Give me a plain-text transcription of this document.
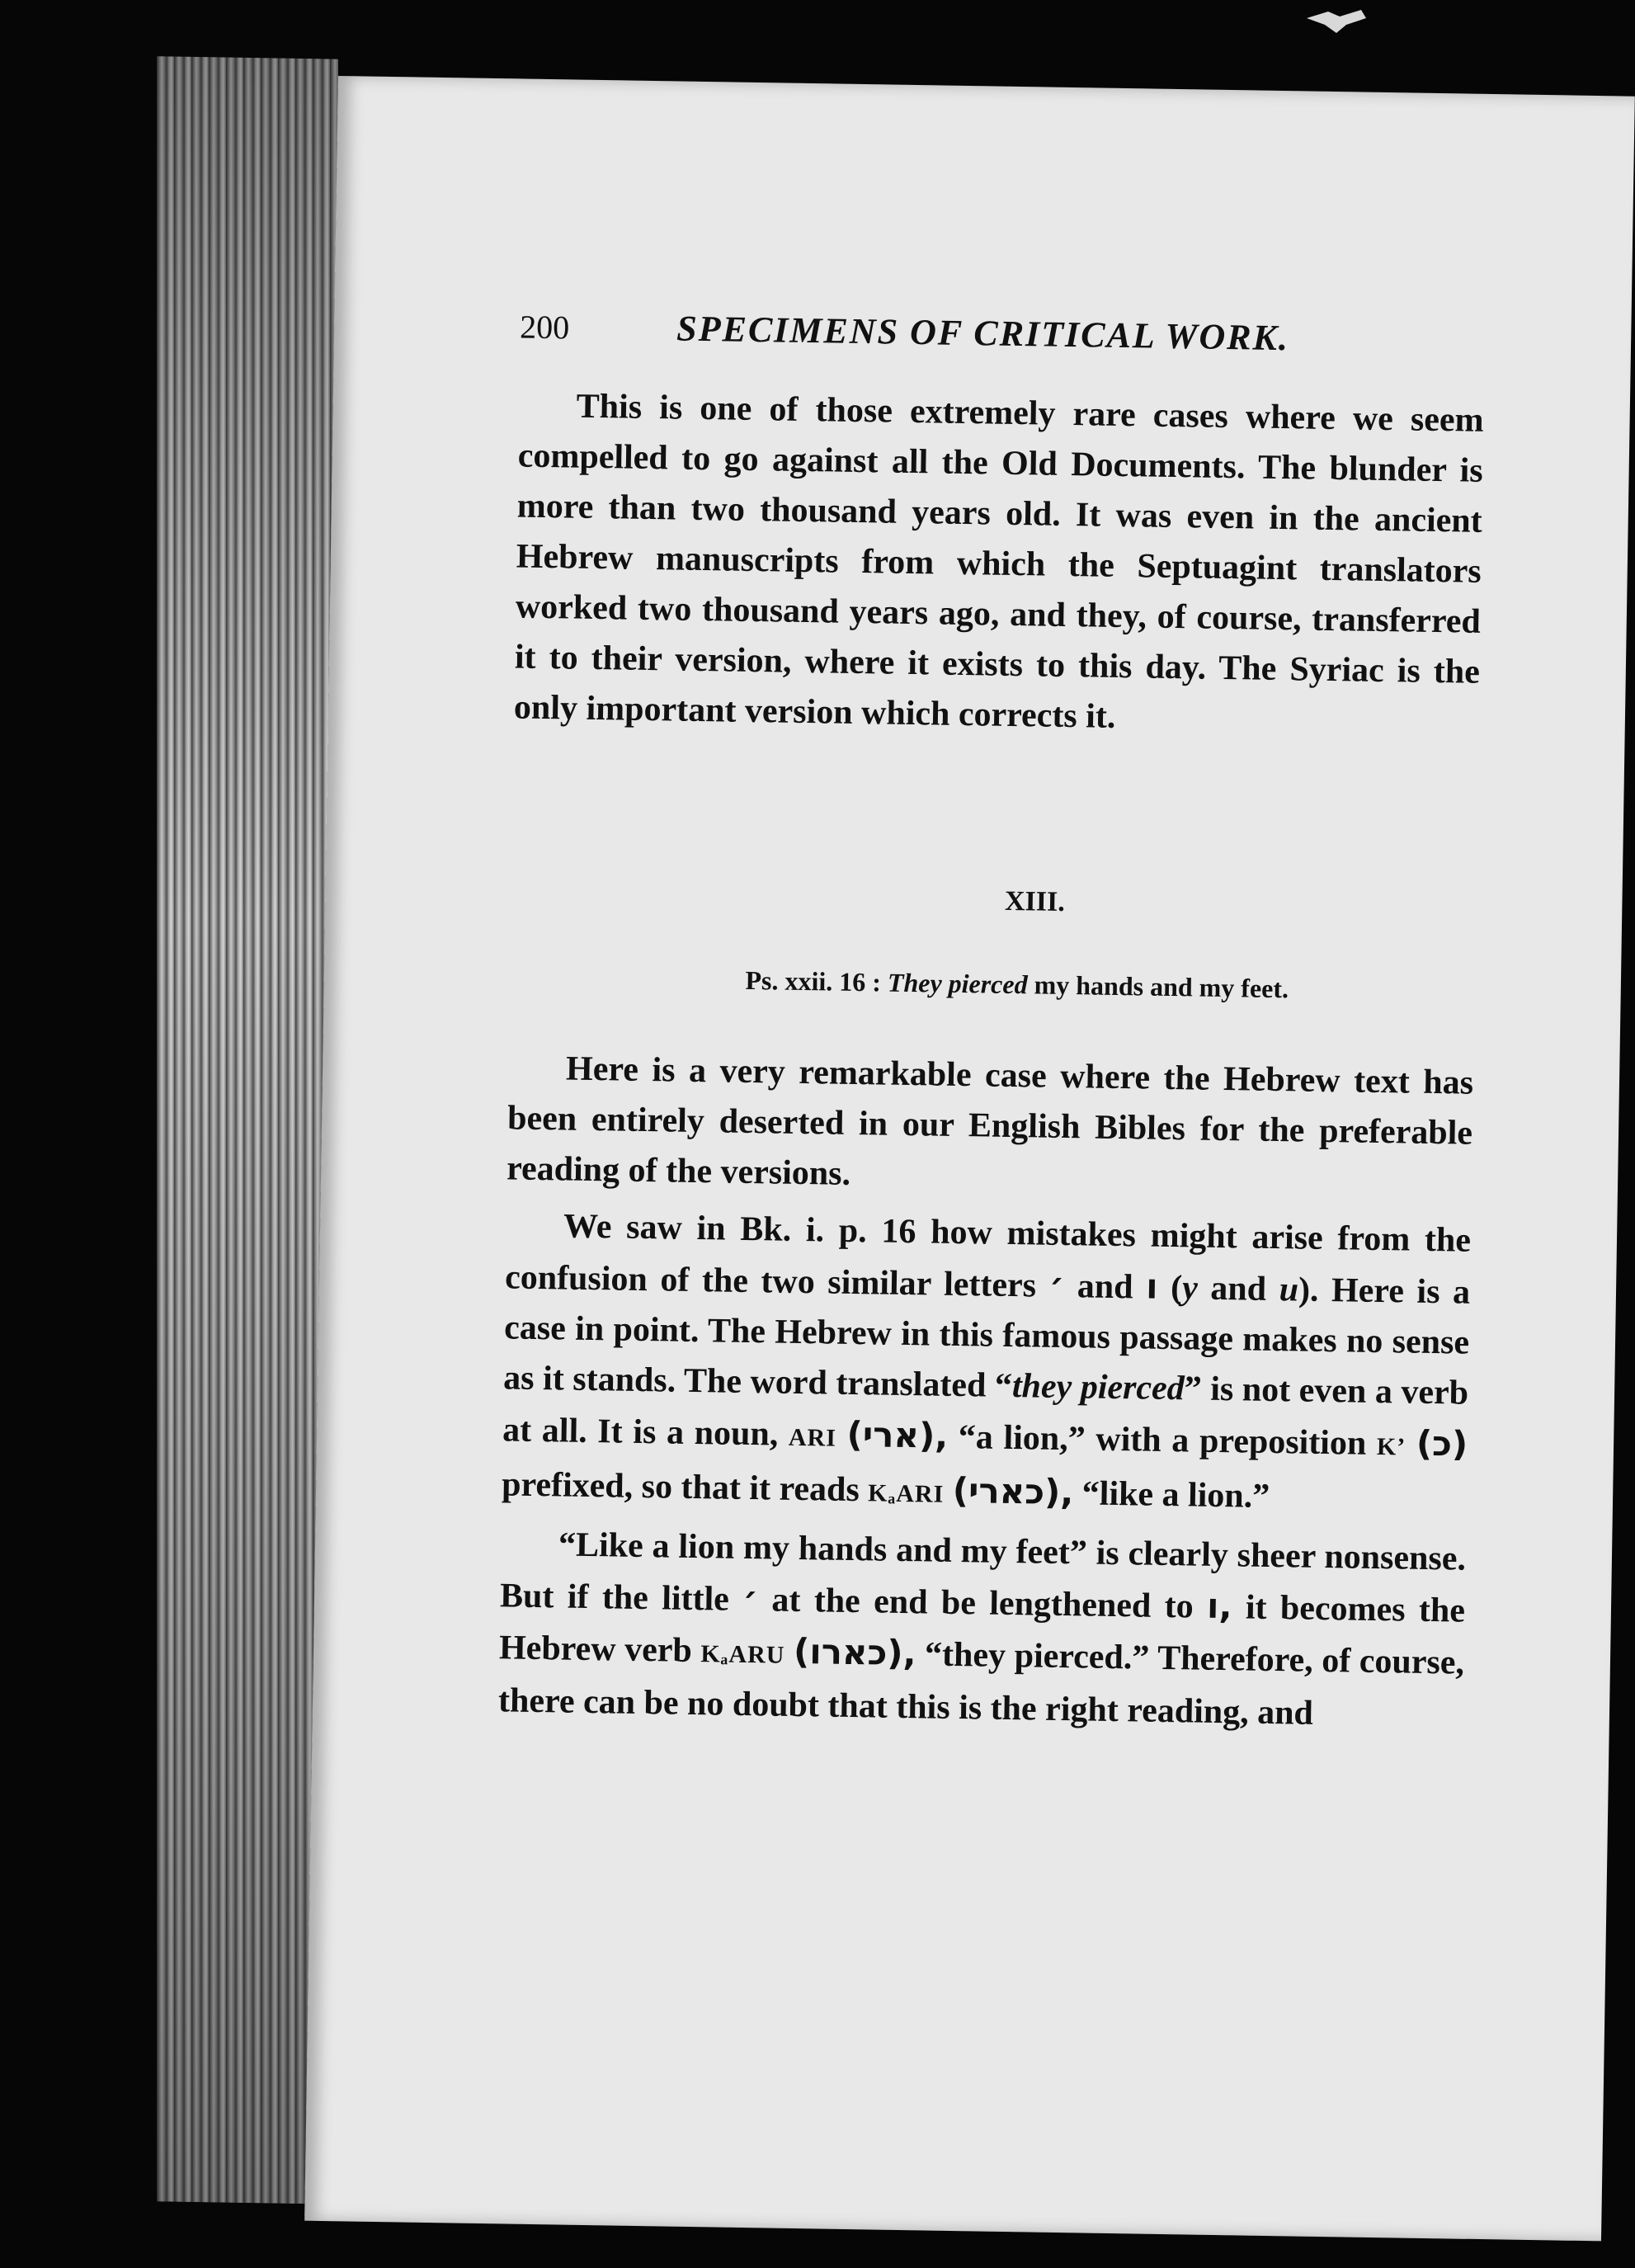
200	SPECIMENS OF CRITICAL WORK.

This is one of those extremely rare cases where we seem compelled to go against all the Old Documents. The blunder is more than two thousand years old. It was even in the ancient Hebrew manuscripts from which the Septuagint translators worked two thousand years ago, and they, of course, transferred it to their version, where it exists to this day. The Syriac is the only important version which corrects it.

XIII.
Ps. xxii. 16 : They pierced my hands and my feet.

Here is a very remarkable case where the Hebrew text has been entirely deserted in our English Bibles for the preferable reading of the versions.

We saw in Bk. i. p. 16 how mistakes might arise from the confusion of the two similar letters ׳ and ו (y and u). Here is a case in point. The Hebrew in this famous passage makes no sense as it stands. The word translated “they pierced” is not even a verb at all. It is a noun, ARI (ארי), “a lion,” with a preposition K’ (כ) prefixed, so that it reads KₐARI (כארי), “like a lion.”

“Like a lion my hands and my feet” is clearly sheer nonsense. But if the little ׳ at the end be lengthened to ו, it becomes the Hebrew verb KₐARU (כארו), “they pierced.” Therefore, of course, there can be no doubt that this is the right reading, and
